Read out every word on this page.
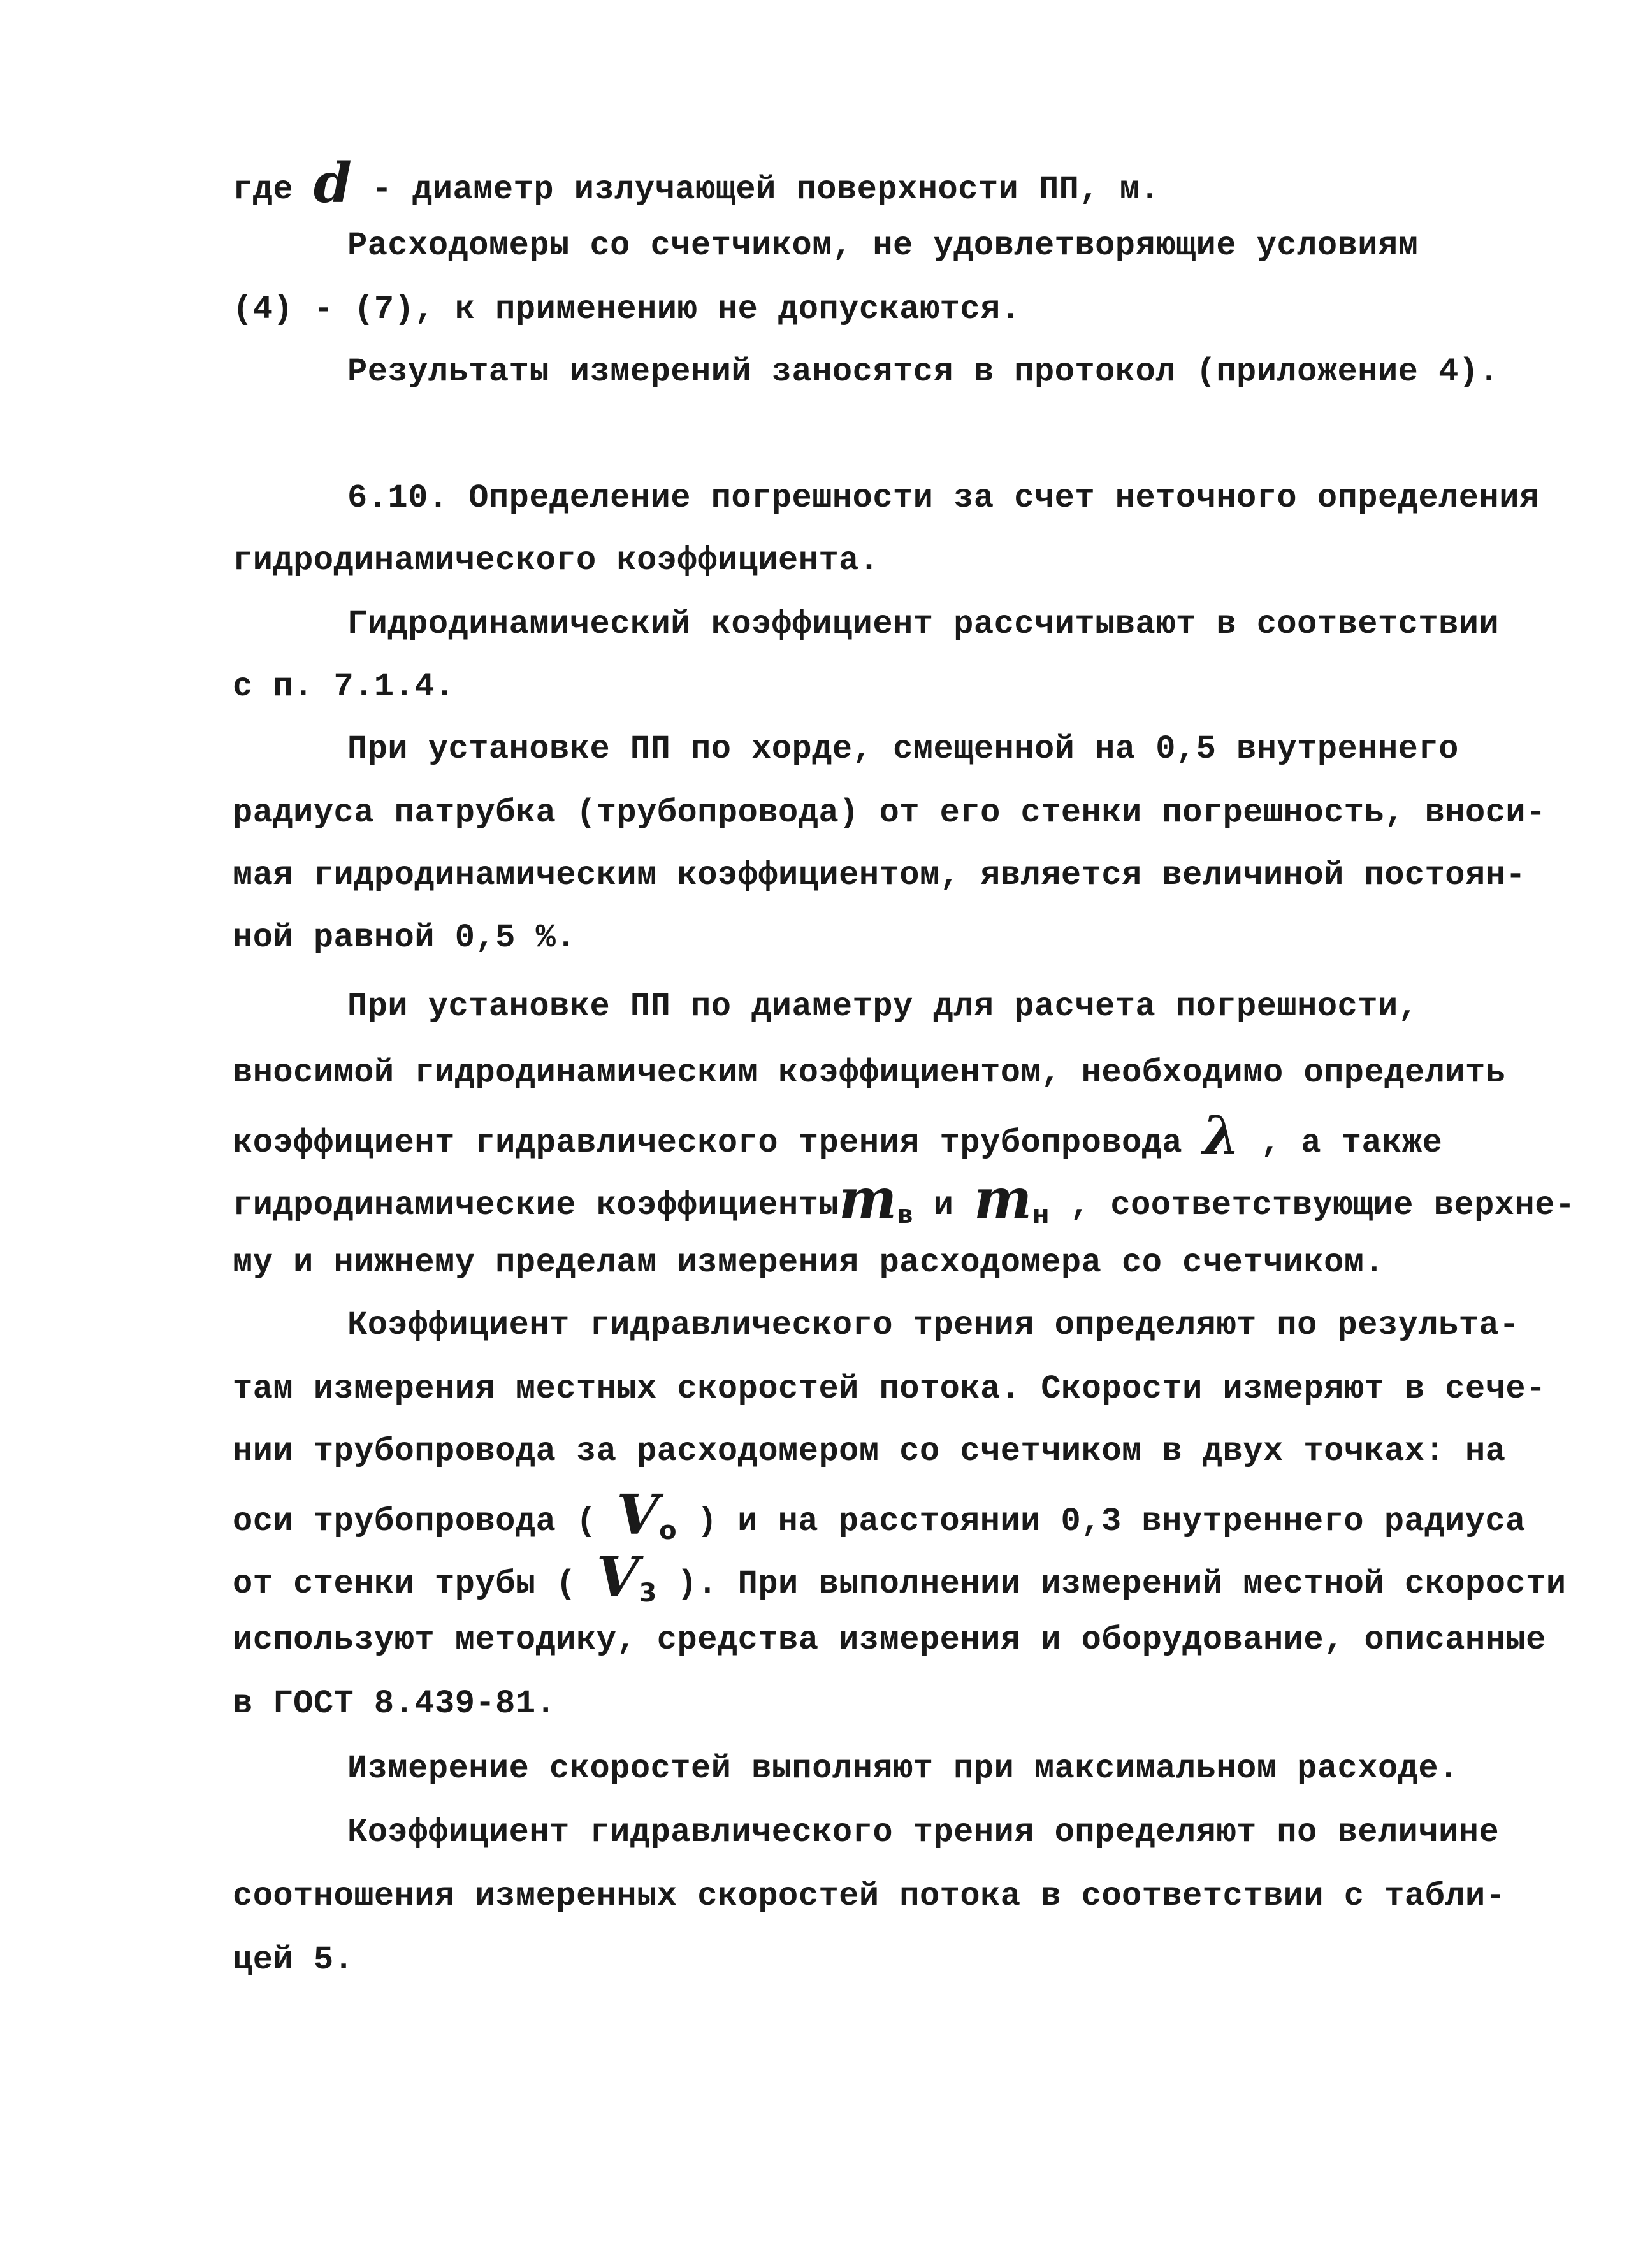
где d - диаметр излучающей поверхности ПП, м.
Расходомеры со счетчиком, не удовлетворяющие условиям
(4) - (7), к применению не допускаются.
Результаты измерений заносятся в протокол (приложение 4).
6.10. Определение погрешности за счет неточного определения
гидродинамического коэффициента.
Гидродинамический коэффициент рассчитывают в соответствии
с п. 7.1.4.
При установке ПП по хорде, смещенной на 0,5 внутреннего
радиуса патрубка (трубопровода) от его стенки погрешность, вноси-
мая гидродинамическим коэффициентом, является величиной постоян-
ной равной 0,5 %.
При установке ПП по диаметру для расчета погрешности,
вносимой гидродинамическим коэффициентом, необходимо определить
коэффициент гидравлического трения трубопровода λ , а также
гидродинамические коэффициентыm$_в$ и $m_н$ , соответствующие верхне-
му и нижнему пределам измерения расходомера со счетчиком.
Коэффициент гидравлического трения определяют по результа-
там измерения местных скоростей потока. Скорости измеряют в сече-
нии трубопровода за расходомером со счетчиком в двух точках: на
оси трубопровода ( $V_o$ ) и на расстоянии 0,3 внутреннего радиуса
от стенки трубы ( $V_3$ ). При выполнении измерений местной скорости
используют методику, средства измерения и оборудование, описанные
в ГОСТ 8.439-81.
Измерение скоростей выполняют при максимальном расходе.
Коэффициент гидравлического трения определяют по величине
соотношения измеренных скоростей потока в соответствии с табли-
цей 5.
